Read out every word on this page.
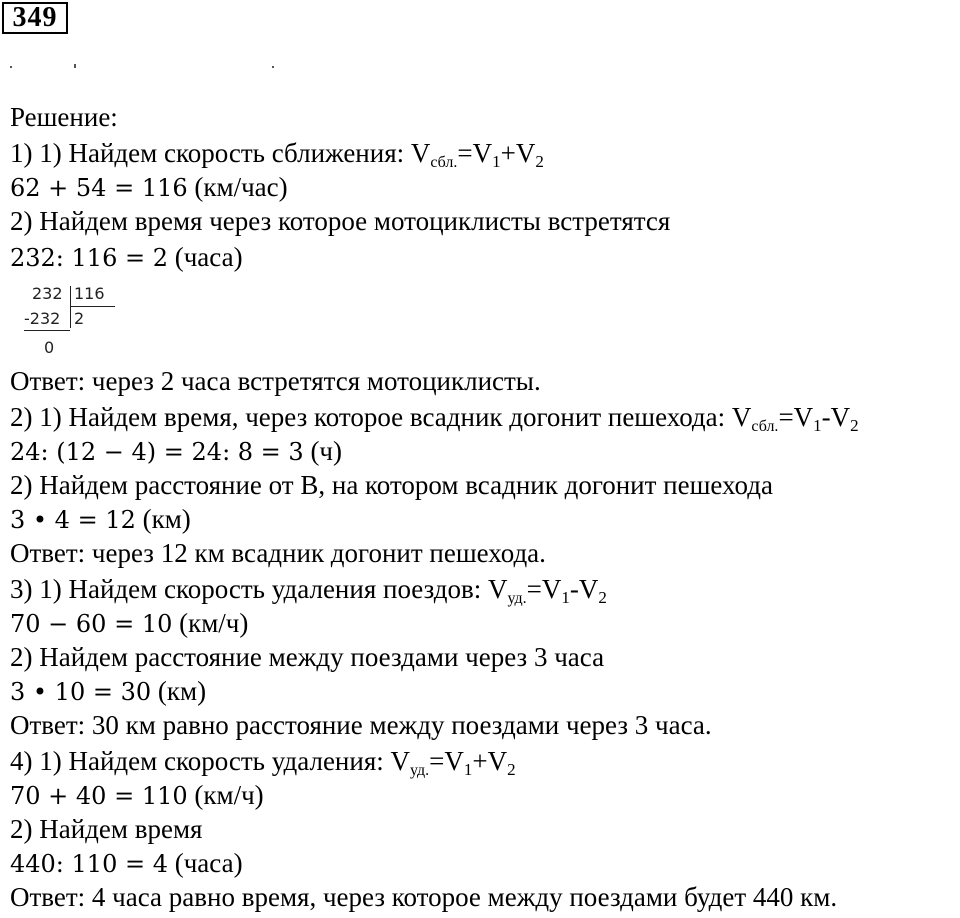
349
Решение:
1) 1) Найдем скорость сближения: $V_{сбл.}=V1+V2$
62 + 54 = 116 (км/час)
2) Найдем время через которое мотоциклисты встретятся
232: 116 = 2 (часа)
232 116
-232 2
0
Ответ: через 2 часа встретятся мотоциклисты.
2) 1) Найдем время, через которое всадник догонит пешехода: $V_{сбл.}=V1-V2$
24: (12 − 4) = 24: 8 = 3 (ч)
2) Найдем расстояние от B, на котором всадник догонит пешехода
3 • 4 = 12 (км)
Ответ: через 12 км всадник догонит пешехода.
3) 1) Найдем скорость удаления поездов: $V_{уд.}=V1-V2$
70 − 60 = 10 (км/ч)
2) Найдем расстояние между поездами через 3 часа
3 • 10 = 30 (км)
Ответ: 30 км равно расстояние между поездами через 3 часа.
4) 1) Найдем скорость удаления: $V_{уд.}=V1+V2$
70 + 40 = 110 (км/ч)
2) Найдем время
440: 110 = 4 (часа)
Ответ: 4 часа равно время, через которое между поездами будет 440 км.
